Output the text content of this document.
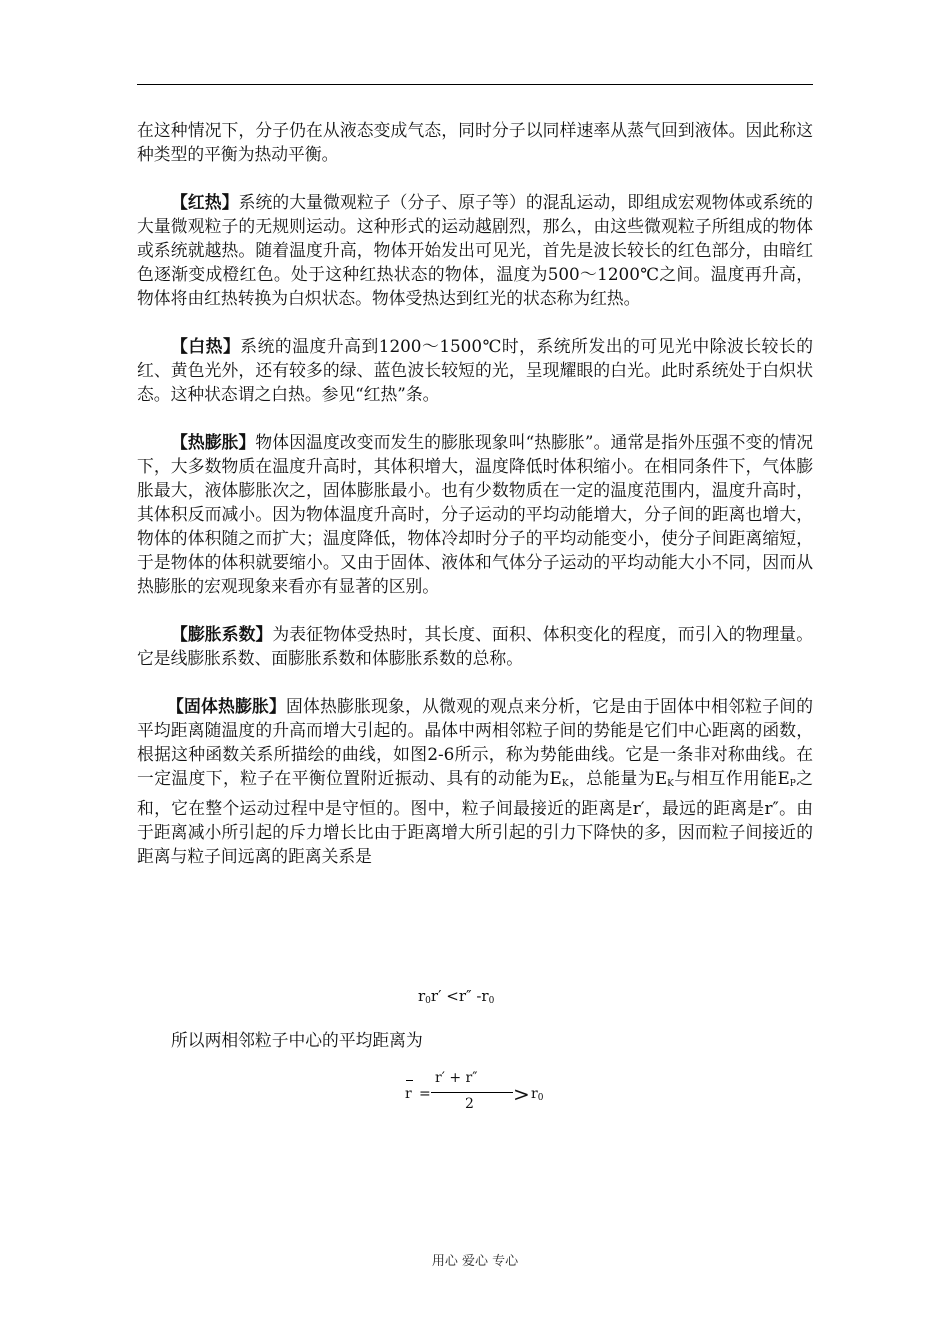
在这种情况下，分子仍在从液态变成气态，同时分子以同样速率从蒸气回到液体。因此称这种类型的平衡为热动平衡。

【红热】系统的大量微观粒子（分子、原子等）的混乱运动，即组成宏观物体或系统的大量微观粒子的无规则运动。这种形式的运动越剧烈，那么，由这些微观粒子所组成的物体或系统就越热。随着温度升高，物体开始发出可见光，首先是波长较长的红色部分，由暗红色逐渐变成橙红色。处于这种红热状态的物体，温度为500～1200℃之间。温度再升高，物体将由红热转换为白炽状态。物体受热达到红光的状态称为红热。

【白热】系统的温度升高到1200～1500℃时，系统所发出的可见光中除波长较长的红、黄色光外，还有较多的绿、蓝色波长较短的光，呈现耀眼的白光。此时系统处于白炽状态。这种状态谓之白热。参见“红热”条。

【热膨胀】物体因温度改变而发生的膨胀现象叫“热膨胀”。通常是指外压强不变的情况下，大多数物质在温度升高时，其体积增大，温度降低时体积缩小。在相同条件下，气体膨胀最大，液体膨胀次之，固体膨胀最小。也有少数物质在一定的温度范围内，温度升高时，其体积反而减小。因为物体温度升高时，分子运动的平均动能增大，分子间的距离也增大，物体的体积随之而扩大；温度降低，物体冷却时分子的平均动能变小，使分子间距离缩短，于是物体的体积就要缩小。又由于固体、液体和气体分子运动的平均动能大小不同，因而从热膨胀的宏观现象来看亦有显著的区别。

【膨胀系数】为表征物体受热时，其长度、面积、体积变化的程度，而引入的物理量。它是线膨胀系数、面膨胀系数和体膨胀系数的总称。

【固体热膨胀】固体热膨胀现象，从微观的观点来分析，它是由于固体中相邻粒子间的平均距离随温度的升高而增大引起的。晶体中两相邻粒子间的势能是它们中心距离的函数，根据这种函数关系所描绘的曲线，如图2-6所示，称为势能曲线。它是一条非对称曲线。在一定温度下，粒子在平衡位置附近振动、具有的动能为$E_K$，总能量为$E_K$与相互作用能$E_P$之和，它在整个运动过程中是守恒的。图中，粒子间最接近的距离是r′，最远的距离是r″。由于距离减小所引起的斥力增长比由于距离增大所引起的引力下降快的多，因而粒子间接近的距离与粒子间远离的距离关系是

$r_0r' <r''$ $-r_0$
所以两相邻粒子中心的平均距离为
r =
r′ + r″
$2 > r_0$
用心 爱心 专心
